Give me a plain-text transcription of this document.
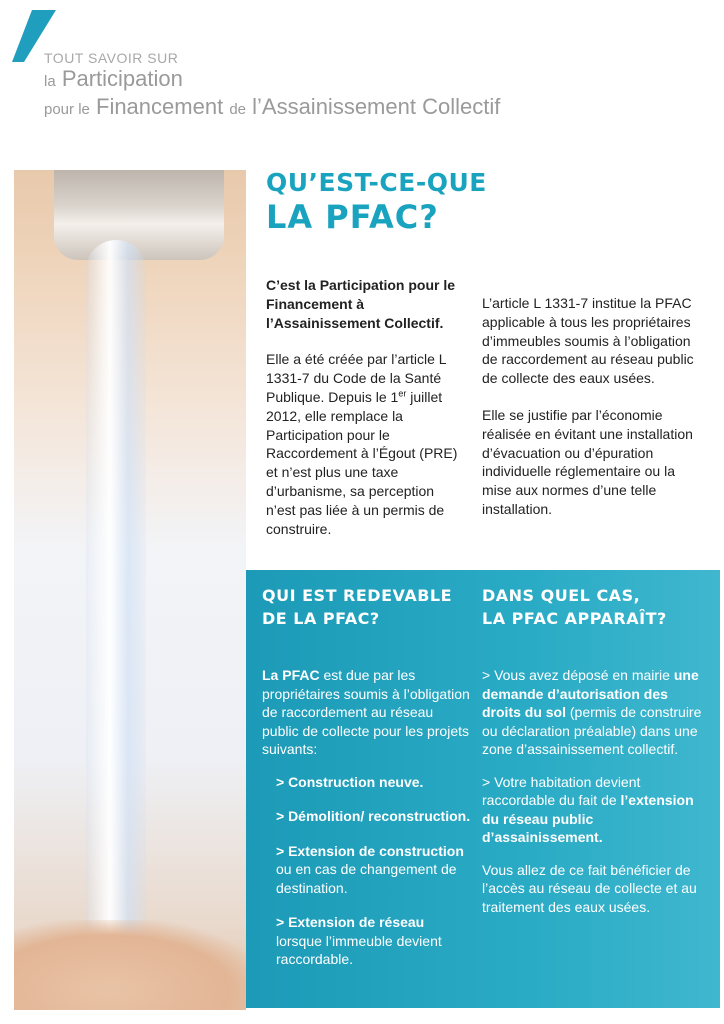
TOUT SAVOIR SUR
la Participation
pour le Financement de l’Assainissement Collectif
QU’EST-CE-QUE
LA PFAC?

C’est la Participation pour le Financement à l’Assainissement Collectif.

Elle a été créée par l’article L 1331-7 du Code de la Santé Publique. Depuis le 1er juillet 2012, elle remplace la Participation pour le Raccordement à l’Égout (PRE) et n’est plus une taxe d’urbanisme, sa perception n’est pas liée à un permis de construire.

L’article L 1331-7 institue la PFAC applicable à tous les propriétaires d’immeubles soumis à l’obligation de raccordement au réseau public de collecte des eaux usées.

Elle se justifie par l’économie réalisée en évitant une installation d’évacuation ou d’épuration individuelle réglementaire ou la mise aux normes d’une telle installation.

QUI EST REDEVABLE
DE LA PFAC?

La PFAC est due par les propriétaires soumis à l’obligation de raccordement au réseau public de collecte pour les projets suivants:

> Construction neuve.
> Démolition/ reconstruction.
> Extension de construction ou en cas de changement de destination.
> Extension de réseau lorsque l’immeuble devient raccordable.
DANS QUEL CAS,
LA PFAC APPARAÎT?

> Vous avez déposé en mairie une demande d’autorisation des droits du sol (permis de construire ou déclaration préalable) dans une zone d’assainissement collectif.

> Votre habitation devient raccordable du fait de l’extension du réseau public d’assainissement.

Vous allez de ce fait bénéficier de l’accès au réseau de collecte et au traitement des eaux usées.
